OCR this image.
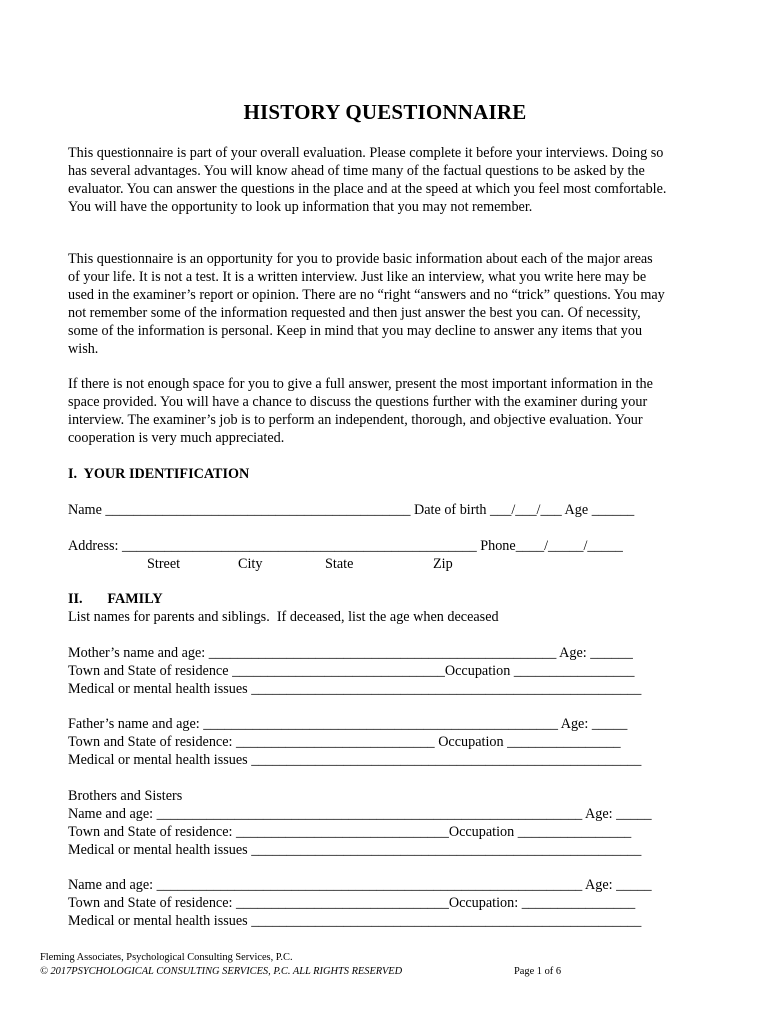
HISTORY QUESTIONNAIRE

This questionnaire is part of your overall evaluation. Please complete it before your interviews. Doing so has several advantages. You will know ahead of time many of the factual questions to be asked by the evaluator. You can answer the questions in the place and at the speed at which you feel most comfortable. You will have the opportunity to look up information that you may not remember.

This questionnaire is an opportunity for you to provide basic information about each of the major areas of your life. It is not a test. It is a written interview. Just like an interview, what you write here may be used in the examiner’s report or opinion. There are no “right “answers and no “trick” questions. You may not remember some of the information requested and then just answer the best you can. Of necessity, some of the information is personal. Keep in mind that you may decline to answer any items that you wish.

If there is not enough space for you to give a full answer, present the most important information in the space provided. You will have a chance to discuss the questions further with the examiner during your interview. The examiner’s job is to perform an independent, thorough, and objective evaluation. Your cooperation is very much appreciated.

I.  YOUR IDENTIFICATION
Name ___________________________________________ Date of birth ___/___/___ Age ______
Address: __________________________________________________ Phone____/_____/_____
Street	City	State	Zip
II.       FAMILY
List names for parents and siblings.  If deceased, list the age when deceased
Mother’s name and age: _________________________________________________ Age: ______
Town and State of residence ______________________________Occupation _________________
Medical or mental health issues _______________________________________________________
Father’s name and age: __________________________________________________ Age: _____
Town and State of residence: ____________________________ Occupation ________________
Medical or mental health issues _______________________________________________________
Brothers and Sisters
Name and age: ____________________________________________________________ Age: _____
Town and State of residence: ______________________________Occupation ________________
Medical or mental health issues _______________________________________________________
Name and age: ____________________________________________________________ Age: _____
Town and State of residence: ______________________________Occupation: ________________
Medical or mental health issues _______________________________________________________
Fleming Associates, Psychological Consulting Services, P.C.
© 2017PSYCHOLOGICAL CONSULTING SERVICES, P.C. ALL RIGHTS RESERVED	Page 1 of 6
